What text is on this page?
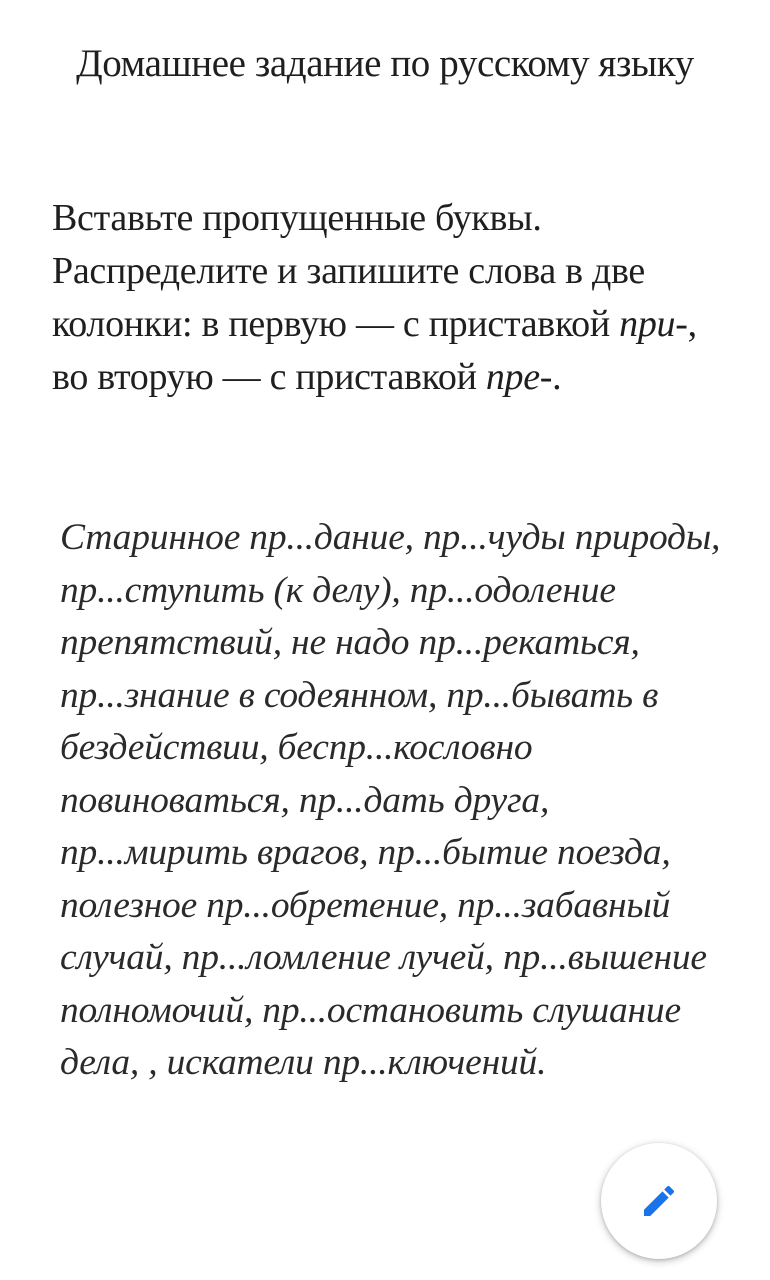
Домашнее задание по русскому языку

Вставьте пропущенные буквы. Распределите и запишите слова в две колонки: в первую — с приставкой при-, во вторую — с приставкой пре-.

Старинное пр...дание, пр...чуды природы, пр...ступить (к делу), пр...одоление препятствий, не надо пр...рекаться, пр...знание в содеянном, пр...бывать в бездействии, беспр...кословно повиноваться, пр...дать друга, пр...мирить врагов, пр...бытие поезда, полезное пр...обретение, пр...забавный случай, пр...ломление лучей, пр...вышение полномочий, пр...остановить слушание дела, , искатели пр...ключений.
